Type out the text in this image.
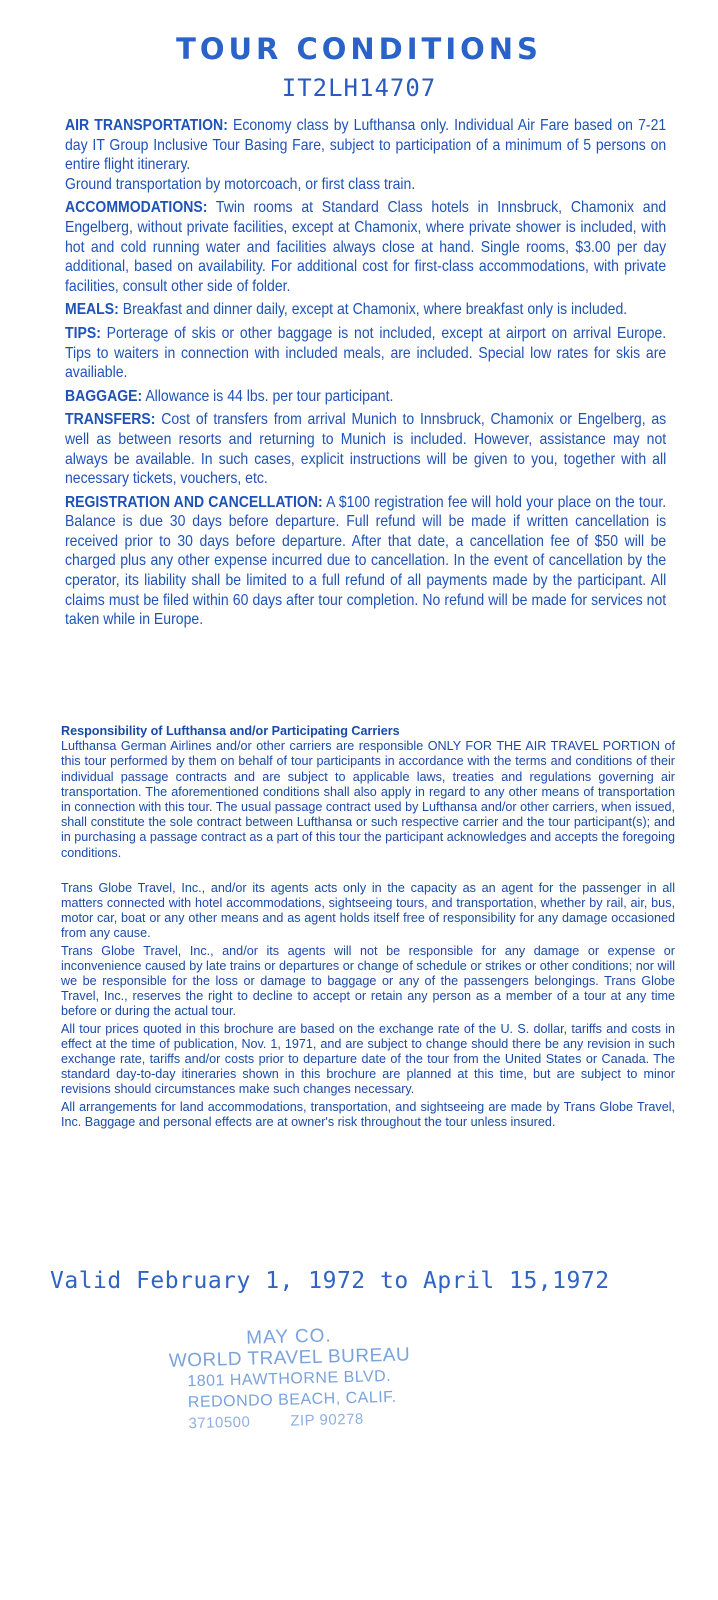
TOUR CONDITIONS
IT2LH14707

AIR TRANSPORTATION: Economy class by Lufthansa only. Individual Air Fare based on 7-21 day IT Group Inclusive Tour Basing Fare, subject to participation of a minimum of 5 persons on entire flight itinerary.
Ground transportation by motorcoach, or first class train.

ACCOMMODATIONS: Twin rooms at Standard Class hotels in Innsbruck, Chamonix and Engelberg, without private facilities, except at Chamonix, where private shower is included, with hot and cold running water and facilities always close at hand. Single rooms, $3.00 per day additional, based on availability. For additional cost for first-class accommodations, with private facilities, consult other side of folder.

MEALS: Breakfast and dinner daily, except at Chamonix, where breakfast only is included.

TIPS: Porterage of skis or other baggage is not included, except at airport on arrival Europe. Tips to waiters in connection with included meals, are included. Special low rates for skis are availiable.

BAGGAGE: Allowance is 44 lbs. per tour participant.

TRANSFERS: Cost of transfers from arrival Munich to Innsbruck, Chamonix or Engelberg, as well as between resorts and returning to Munich is included. However, assistance may not always be available. In such cases, explicit instructions will be given to you, together with all necessary tickets, vouchers, etc.

REGISTRATION AND CANCELLATION: A $100 registration fee will hold your place on the tour. Balance is due 30 days before departure. Full refund will be made if written cancellation is received prior to 30 days before departure. After that date, a cancellation fee of $50 will be charged plus any other expense incurred due to cancellation. In the event of cancellation by the cperator, its liability shall be limited to a full refund of all payments made by the participant. All claims must be filed within 60 days after tour completion. No refund will be made for services not taken while in Europe.

Responsibility of Lufthansa and/or Participating Carriers

Lufthansa German Airlines and/or other carriers are responsible ONLY FOR THE AIR TRAVEL PORTION of this tour performed by them on behalf of tour participants in accordance with the terms and conditions of their individual passage contracts and are subject to applicable laws, treaties and regulations governing air transportation. The aforementioned conditions shall also apply in regard to any other means of transportation in connection with this tour. The usual passage contract used by Lufthansa and/or other carriers, when issued, shall constitute the sole contract between Lufthansa or such respective carrier and the tour participant(s); and in purchasing a passage contract as a part of this tour the participant acknowledges and accepts the foregoing conditions.

Trans Globe Travel, Inc., and/or its agents acts only in the capacity as an agent for the passenger in all matters connected with hotel accommodations, sightseeing tours, and transportation, whether by rail, air, bus, motor car, boat or any other means and as agent holds itself free of responsibility for any damage occasioned from any cause.

Trans Globe Travel, Inc., and/or its agents will not be responsible for any damage or expense or inconvenience caused by late trains or departures or change of schedule or strikes or other conditions; nor will we be responsible for the loss or damage to baggage or any of the passengers belongings. Trans Globe Travel, Inc., reserves the right to decline to accept or retain any person as a member of a tour at any time before or during the actual tour.

All tour prices quoted in this brochure are based on the exchange rate of the U. S. dollar, tariffs and costs in effect at the time of publication, Nov. 1, 1971, and are subject to change should there be any revision in such exchange rate, tariffs and/or costs prior to departure date of the tour from the United States or Canada. The standard day-to-day itineraries shown in this brochure are planned at this time, but are subject to minor revisions should circumstances make such changes necessary.

All arrangements for land accommodations, transportation, and sightseeing are made by Trans Globe Travel, Inc. Baggage and personal effects are at owner's risk throughout the tour unless insured.

Valid February 1, 1972 to April 15,1972
MAY CO.
WORLD TRAVEL BUREAU
1801 HAWTHORNE BLVD.
REDONDO BEACH, CALIF.
3710500	ZIP 90278
